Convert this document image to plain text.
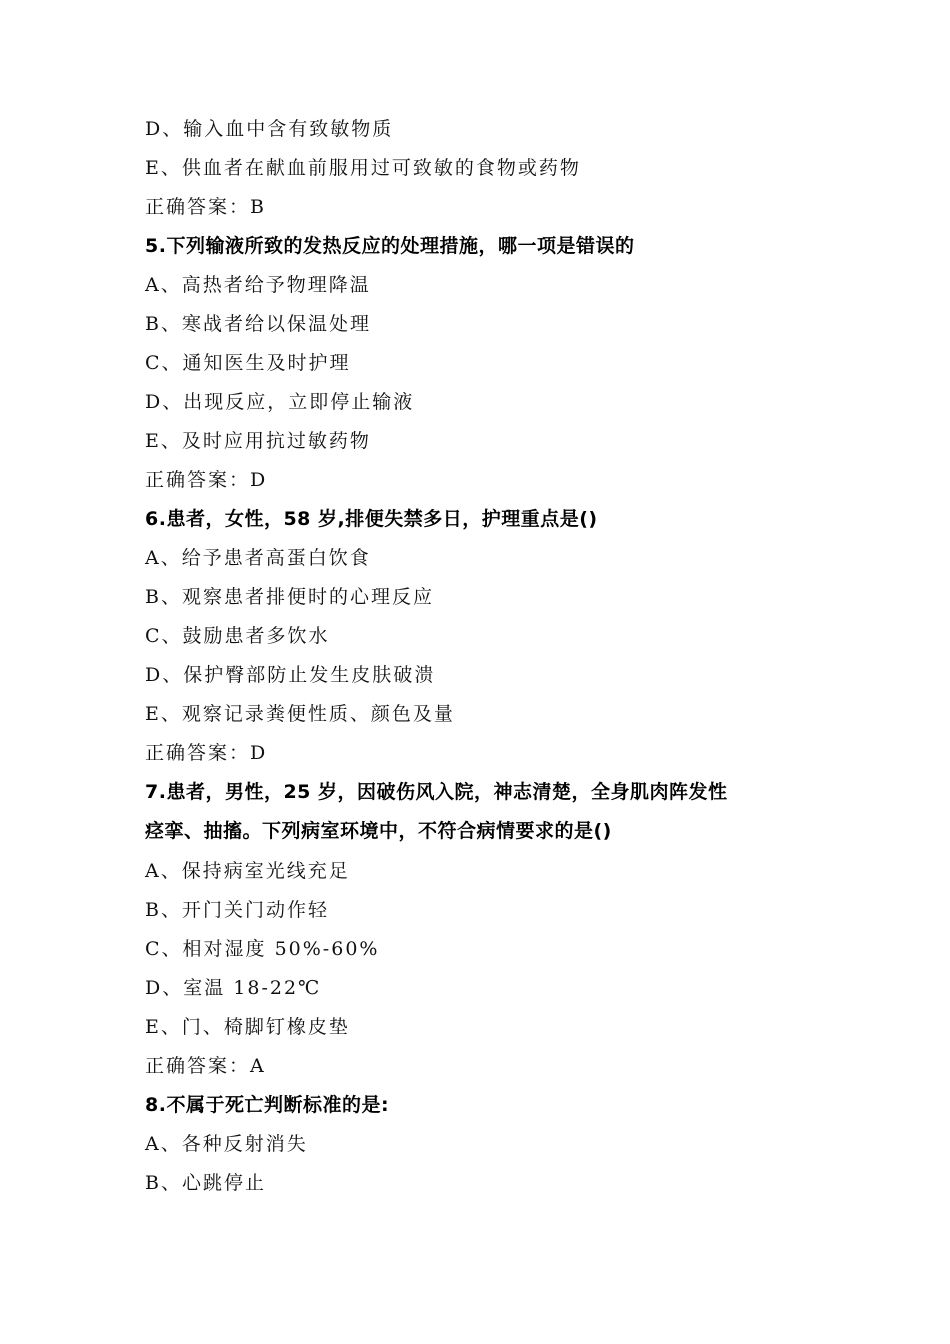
D、输入血中含有致敏物质
E、供血者在献血前服用过可致敏的食物或药物
正确答案：B
5.下列输液所致的发热反应的处理措施，哪一项是错误的
A、高热者给予物理降温
B、寒战者给以保温处理
C、通知医生及时护理
D、出现反应，立即停止输液
E、及时应用抗过敏药物
正确答案：D
6.患者，女性，58 岁,排便失禁多日，护理重点是()
A、给予患者高蛋白饮食
B、观察患者排便时的心理反应
C、鼓励患者多饮水
D、保护臀部防止发生皮肤破溃
E、观察记录粪便性质、颜色及量
正确答案：D
7.患者，男性，25 岁，因破伤风入院，神志清楚，全身肌肉阵发性
痉挛、抽搐。下列病室环境中，不符合病情要求的是()
A、保持病室光线充足
B、开门关门动作轻
C、相对湿度 50%-60%
D、室温 18-22℃
E、门、椅脚钉橡皮垫
正确答案：A
8.不属于死亡判断标准的是:
A、各种反射消失
B、心跳停止
